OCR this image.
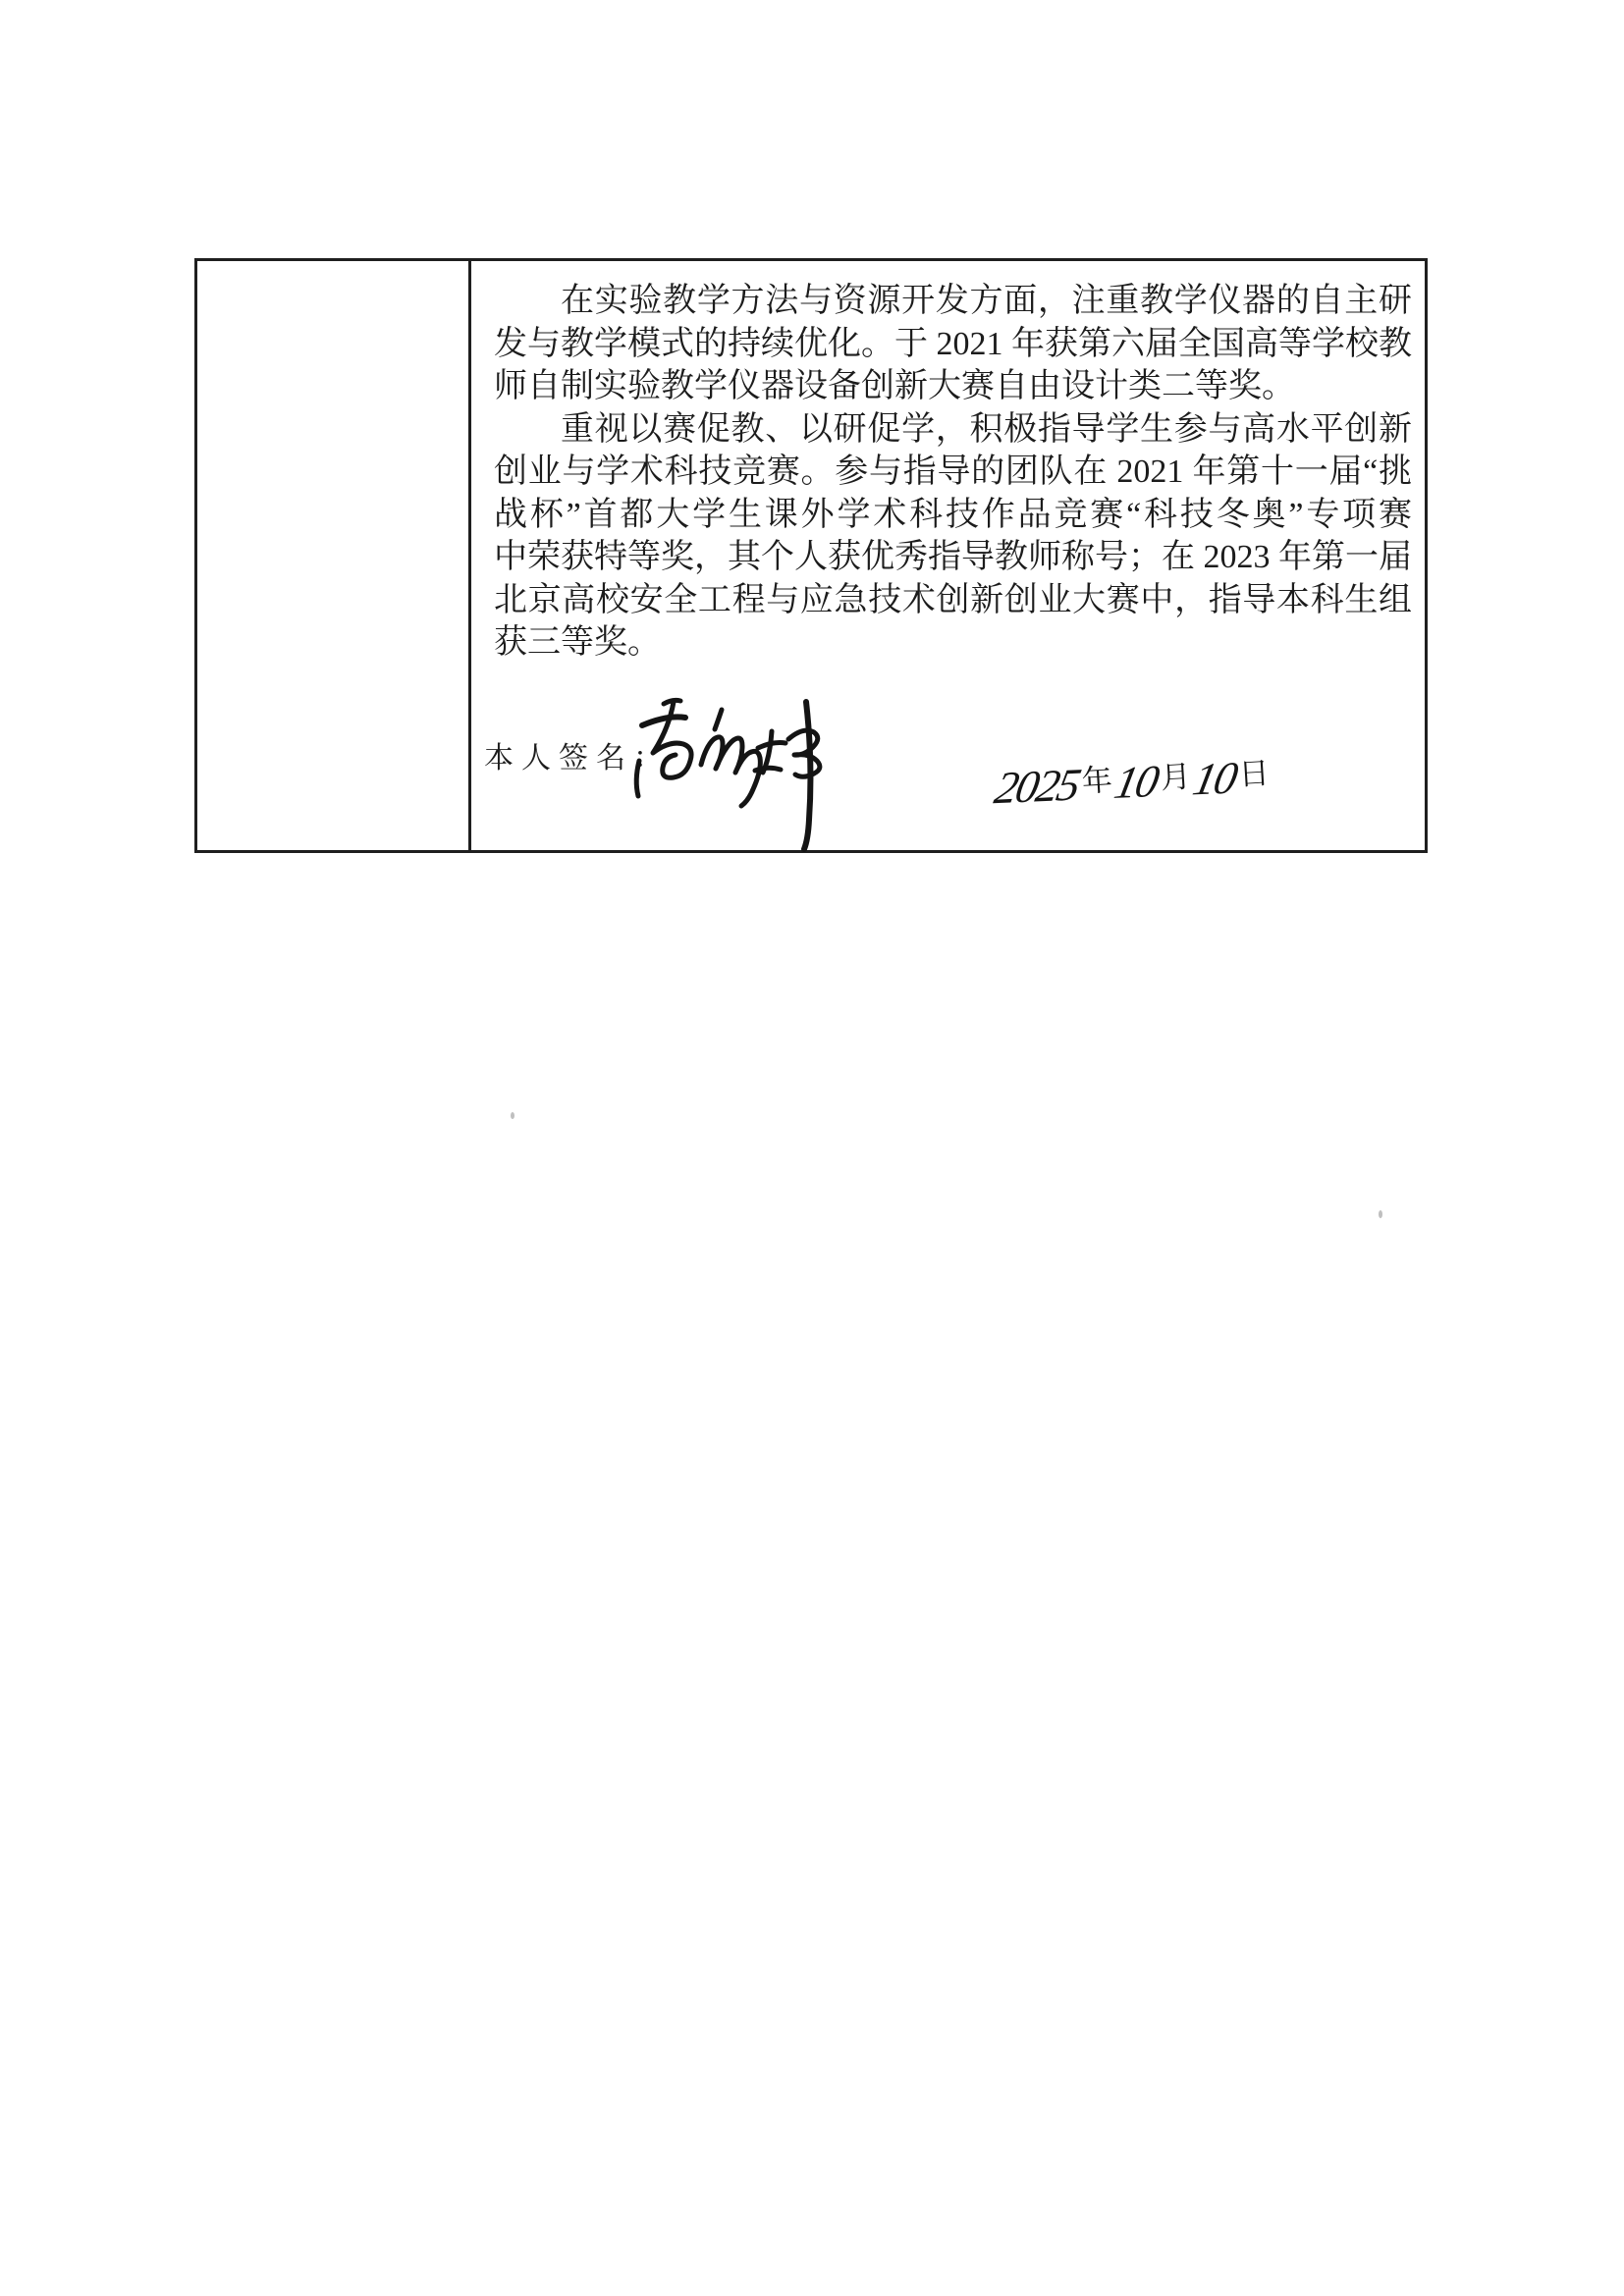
在实验教学方法与资源开发方面，注重教学仪器的自主研
发与教学模式的持续优化。于 2021 年获第六届全国高等学校教
师自制实验教学仪器设备创新大赛自由设计类二等奖。
重视以赛促教、以研促学，积极指导学生参与高水平创新
创业与学术科技竞赛。参与指导的团队在 2021 年第十一届“挑
战杯”首都大学生课外学术科技作品竞赛“科技冬奥”专项赛
中荣获特等奖，其个人获优秀指导教师称号；在 2023 年第一届
北京高校安全工程与应急技术创新创业大赛中，指导本科生组
获三等奖。
本人签名：
2025年10月10日
